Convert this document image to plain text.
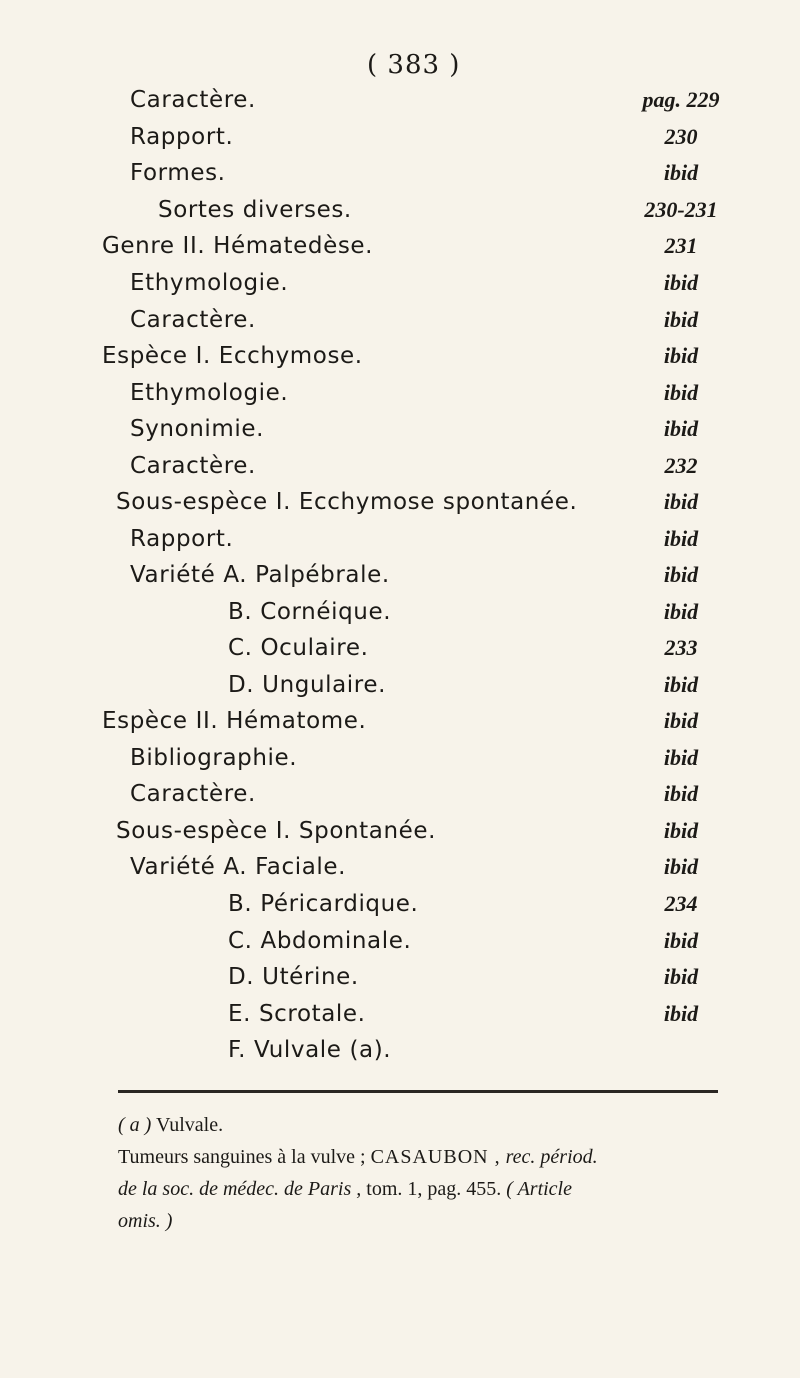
( 383 )
Caractère.	pag. 229
Rapport.	230
Formes.	ibid
Sortes diverses.	230-231
Genre II. Hématedèse.	231
Ethymologie.	ibid
Caractère.	ibid
Espèce I. Ecchymose.	ibid
Ethymologie.	ibid
Synonimie.	ibid
Caractère.	232
Sous-espèce I. Ecchymose spontanée.	ibid
Rapport.	ibid
Variété A. Palpébrale.	ibid
B. Cornéique.	ibid
C. Oculaire.	233
D. Ungulaire.	ibid
Espèce II. Hématome.	ibid
Bibliographie.	ibid
Caractère.	ibid
Sous-espèce I. Spontanée.	ibid
Variété A. Faciale.	ibid
B. Péricardique.	234
C. Abdominale.	ibid
D. Utérine.	ibid
E. Scrotale.	ibid
F. Vulvale (a).
( a ) Vulvale.
Tumeurs sanguines à la vulve ; CASAUBON , rec. périod.
de la soc. de médec. de Paris , tom. 1, pag. 455. ( Article
omis. )
